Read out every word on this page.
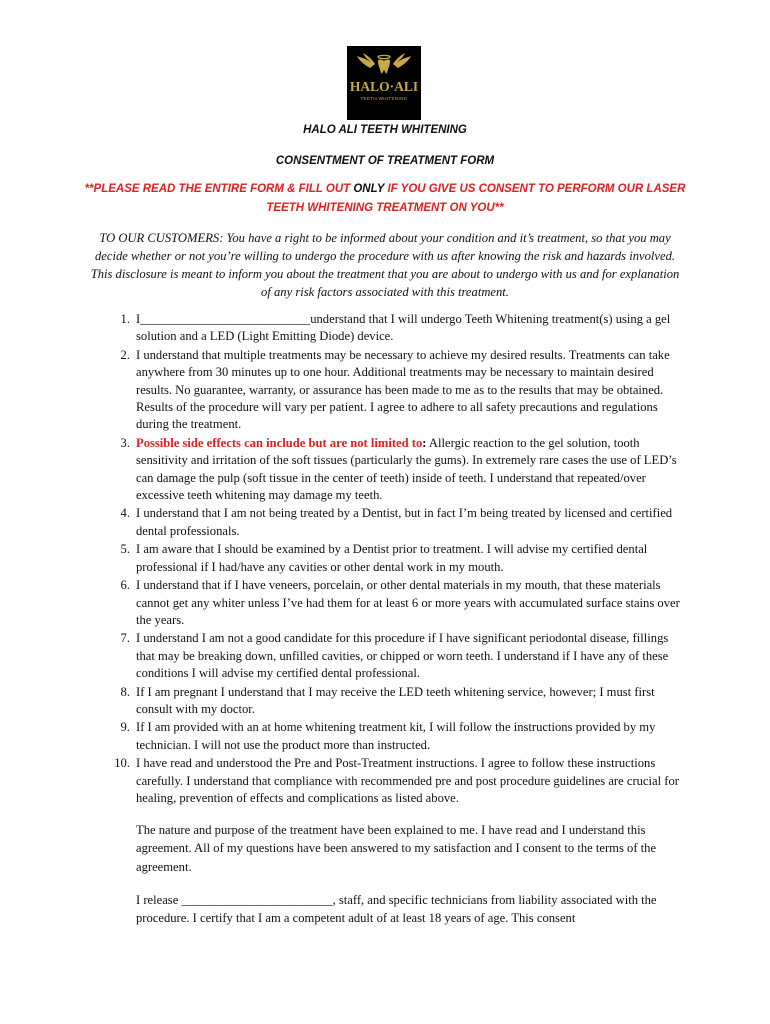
HALO·ALI
TEETH WHITENING
HALO ALI TEETH WHITENING
CONSENTMENT OF TREATMENT FORM
**PLEASE READ THE ENTIRE FORM & FILL OUT ONLY IF YOU GIVE US CONSENT TO PERFORM OUR LASER TEETH WHITENING TREATMENT ON YOU**
TO OUR CUSTOMERS: You have a right to be informed about your condition and it’s treatment, so that you may decide whether or not you’re willing to undergo the procedure with us after knowing the risk and hazards involved. This disclosure is meant to inform you about the treatment that you are about to undergo with us and for explanation of any risk factors associated with this treatment.
1. I___________________________understand that I will undergo Teeth Whitening treatment(s) using a gel solution and a LED (Light Emitting Diode) device.
2. I understand that multiple treatments may be necessary to achieve my desired results. Treatments can take anywhere from 30 minutes up to one hour. Additional treatments may be necessary to maintain desired results. No guarantee, warranty, or assurance has been made to me as to the results that may be obtained. Results of the procedure will vary per patient. I agree to adhere to all safety precautions and regulations during the treatment.
3. Possible side effects can include but are not limited to: Allergic reaction to the gel solution, tooth sensitivity and irritation of the soft tissues (particularly the gums). In extremely rare cases the use of LED’s can damage the pulp (soft tissue in the center of teeth) inside of teeth. I understand that repeated/over excessive teeth whitening may damage my teeth.
4. I understand that I am not being treated by a Dentist, but in fact I’m being treated by licensed and certified dental professionals.
5. I am aware that I should be examined by a Dentist prior to treatment. I will advise my certified dental professional if I had/have any cavities or other dental work in my mouth.
6. I understand that if I have veneers, porcelain, or other dental materials in my mouth, that these materials cannot get any whiter unless I’ve had them for at least 6 or more years with accumulated surface stains over the years.
7. I understand I am not a good candidate for this procedure if I have significant periodontal disease, fillings that may be breaking down, unfilled cavities, or chipped or worn teeth. I understand if I have any of these conditions I will advise my certified dental professional.
8. If I am pregnant I understand that I may receive the LED teeth whitening service, however; I must first consult with my doctor.
9. If I am provided with an at home whitening treatment kit, I will follow the instructions provided by my technician. I will not use the product more than instructed.
10. I have read and understood the Pre and Post-Treatment instructions. I agree to follow these instructions carefully. I understand that compliance with recommended pre and post procedure guidelines are crucial for healing, prevention of effects and complications as listed above.

The nature and purpose of the treatment have been explained to me. I have read and I understand this agreement. All of my questions have been answered to my satisfaction and I consent to the terms of the agreement.

I release ________________________, staff, and specific technicians from liability associated with the procedure. I certify that I am a competent adult of at least 18 years of age. This consent
